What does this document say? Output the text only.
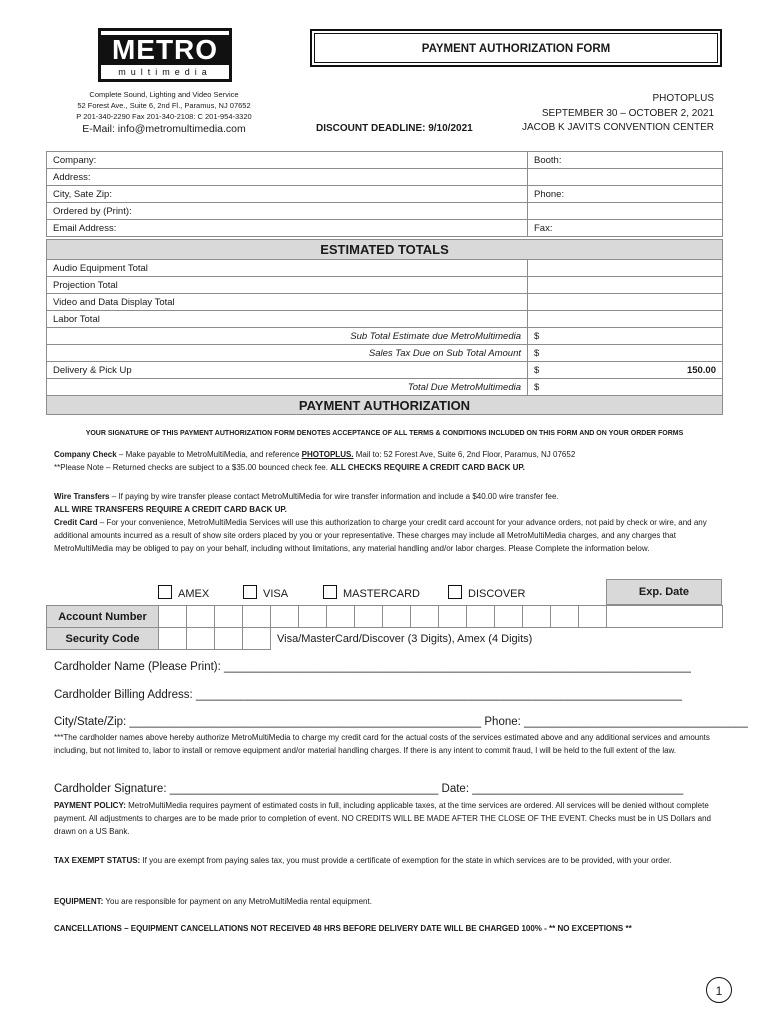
METRO
multimedia
Complete Sound, Lighting and Video Service
52 Forest Ave., Suite 6, 2nd Fl., Paramus, NJ 07652
P 201-340-2290 Fax 201-340-2108: C 201-954-3320
E-Mail: info@metromultimedia.com
PAYMENT AUTHORIZATION FORM
DISCOUNT DEADLINE: 9/10/2021
PHOTOPLUS
SEPTEMBER 30 – OCTOBER 2, 2021
JACOB K JAVITS CONVENTION CENTER
Company:	Booth:
Address:	
City, Sate Zip:	Phone:
Ordered by (Print):	
Email Address:	Fax:
ESTIMATED TOTALS		
Audio Equipment Total		
Projection Total		
Video and Data Display Total		
Labor Total		
Sub Total Estimate due MetroMultimedia	$	
Sales Tax Due on Sub Total Amount	$	
Delivery & Pick Up	$	150.00
Total Due MetroMultimedia	$	
PAYMENT AUTHORIZATION		
YOUR SIGNATURE OF THIS PAYMENT AUTHORIZATION FORM DENOTES ACCEPTANCE OF ALL TERMS & CONDITIONS INCLUDED ON THIS FORM AND ON YOUR ORDER FORMS
Company Check – Make payable to MetroMultiMedia, and reference PHOTOPLUS. Mail to: 52 Forest Ave, Suite 6, 2nd Floor, Paramus, NJ 07652
**Please Note – Returned checks are subject to a $35.00 bounced check fee. ALL CHECKS REQUIRE A CREDIT CARD BACK UP.
Wire Transfers – If paying by wire transfer please contact MetroMultiMedia for wire transfer information and include a $40.00 wire transfer fee.
ALL WIRE TRANSFERS REQUIRE A CREDIT CARD BACK UP.
Credit Card – For your convenience, MetroMultiMedia Services will use this authorization to charge your credit card account for your advance orders, not paid by check or wire, and any additional amounts incurred as a result of show site orders placed by you or your representative. These charges may include all MetroMultiMedia charges, and any charges that MetroMultiMedia may be obliged to pay on your behalf, including without limitations, any material handling and/or labor charges. Please Complete the information below.
AMEX	VISA	MASTERCARD	DISCOVER	Exp. Date
Account Number																	
Security Code					Visa/MasterCard/Discover (3 Digits), Amex (4 Digits)												
Cardholder Name (Please Print): _________________________________________________________________________
Cardholder Billing Address: ____________________________________________________________________________
City/State/Zip: _______________________________________________________ Phone: ___________________________________
***The cardholder names above hereby authorize MetroMultiMedia to charge my credit card for the actual costs of the services estimated above and any additional services and amounts including, but not limited to, labor to install or remove equipment and/or material handling charges. If there is any intent to commit fraud, I will be held to the full extent of the law.
Cardholder Signature: __________________________________________ Date: _________________________________
PAYMENT POLICY: MetroMultiMedia requires payment of estimated costs in full, including applicable taxes, at the time services are ordered. All services will be denied without complete payment. All adjustments to charges are to be made prior to completion of event. NO CREDITS WILL BE MADE AFTER THE CLOSE OF THE EVENT. Checks must be in US Dollars and drawn on a US Bank.
TAX EXEMPT STATUS: If you are exempt from paying sales tax, you must provide a certificate of exemption for the state in which services are to be provided, with your order.
EQUIPMENT: You are responsible for payment on any MetroMultiMedia rental equipment.
CANCELLATIONS – EQUIPMENT CANCELLATIONS NOT RECEIVED 48 HRS BEFORE DELIVERY DATE WILL BE CHARGED 100% - ** NO EXCEPTIONS **
1
